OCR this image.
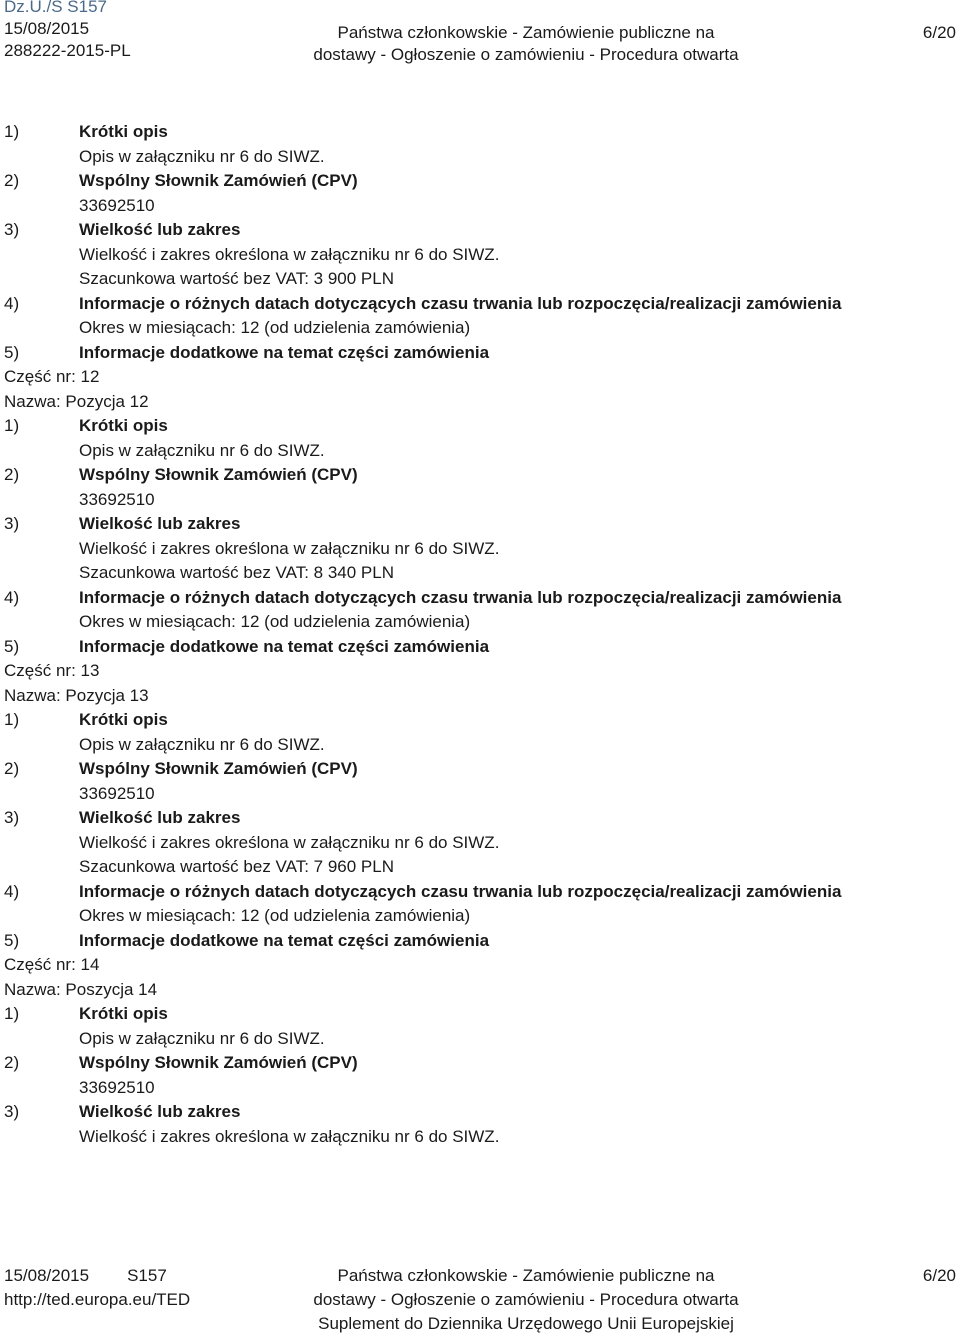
Dz.U./S S157
15/08/2015
288222-2015-PL
Państwa członkowskie - Zamówienie publiczne na
dostawy - Ogłoszenie o zamówieniu - Procedura otwarta
6/20
1)	Krótki opis
Opis w załączniku nr 6 do SIWZ.
2)	Wspólny Słownik Zamówień (CPV)
33692510
3)	Wielkość lub zakres
Wielkość i zakres określona w załączniku nr 6 do SIWZ.
Szacunkowa wartość bez VAT: 3 900 PLN
4)	Informacje o różnych datach dotyczących czasu trwania lub rozpoczęcia/realizacji zamówienia
Okres w miesiącach: 12 (od udzielenia zamówienia)
5)	Informacje dodatkowe na temat części zamówienia
Część nr: 12
Nazwa: Pozycja 12
1)	Krótki opis
Opis w załączniku nr 6 do SIWZ.
2)	Wspólny Słownik Zamówień (CPV)
33692510
3)	Wielkość lub zakres
Wielkość i zakres określona w załączniku nr 6 do SIWZ.
Szacunkowa wartość bez VAT: 8 340 PLN
4)	Informacje o różnych datach dotyczących czasu trwania lub rozpoczęcia/realizacji zamówienia
Okres w miesiącach: 12 (od udzielenia zamówienia)
5)	Informacje dodatkowe na temat części zamówienia
Część nr: 13
Nazwa: Pozycja 13
1)	Krótki opis
Opis w załączniku nr 6 do SIWZ.
2)	Wspólny Słownik Zamówień (CPV)
33692510
3)	Wielkość lub zakres
Wielkość i zakres określona w załączniku nr 6 do SIWZ.
Szacunkowa wartość bez VAT: 7 960 PLN
4)	Informacje o różnych datach dotyczących czasu trwania lub rozpoczęcia/realizacji zamówienia
Okres w miesiącach: 12 (od udzielenia zamówienia)
5)	Informacje dodatkowe na temat części zamówienia
Część nr: 14
Nazwa: Poszycja 14
1)	Krótki opis
Opis w załączniku nr 6 do SIWZ.
2)	Wspólny Słownik Zamówień (CPV)
33692510
3)	Wielkość lub zakres
Wielkość i zakres określona w załączniku nr 6 do SIWZ.
15/08/2015 S157
http://ted.europa.eu/TED
Państwa członkowskie - Zamówienie publiczne na
dostawy - Ogłoszenie o zamówieniu - Procedura otwarta
Suplement do Dziennika Urzędowego Unii Europejskiej
6/20
